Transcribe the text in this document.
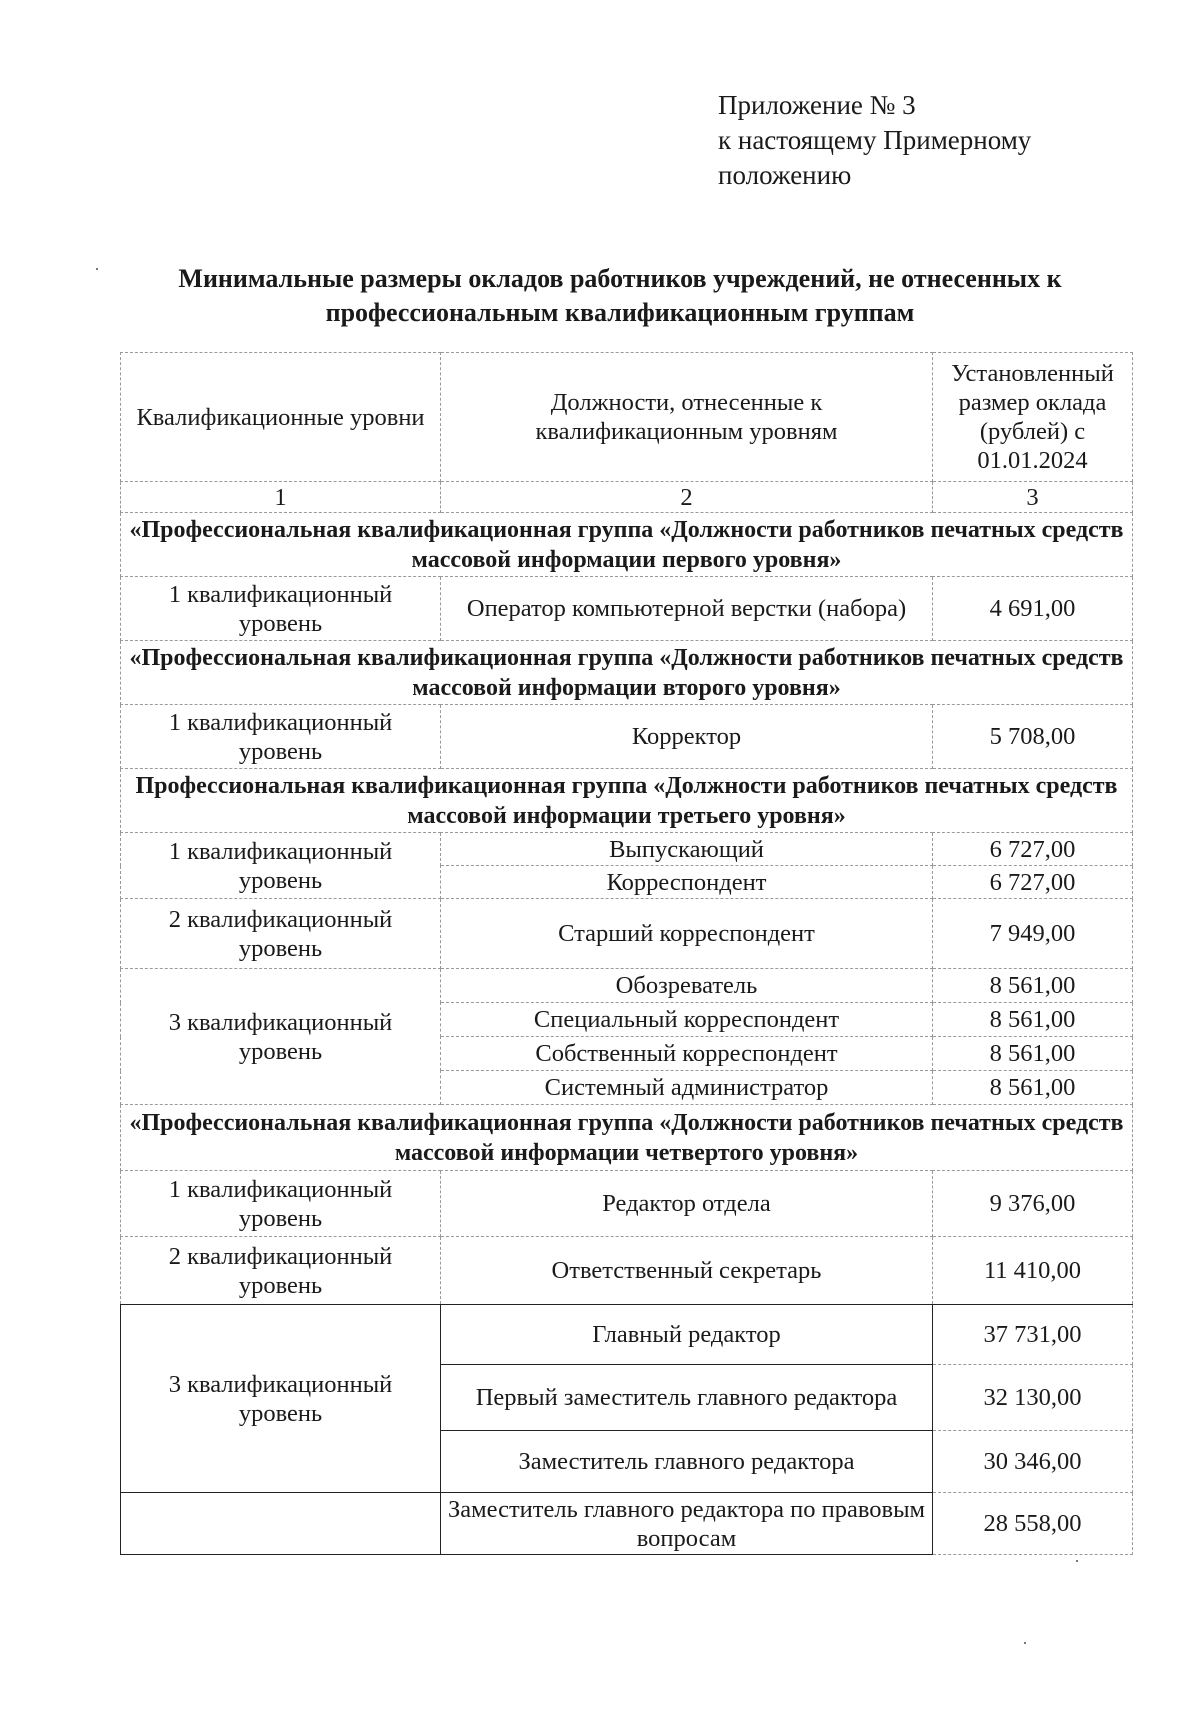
Приложение № 3
к настоящему Примерному
положению
Минимальные размеры окладов работников учреждений, не отнесенных к
профессиональным квалификационным группам
Квалификационные уровни	Должности, отнесенные к квалификационным уровням	Установленный размер оклада (рублей) с 01.01.2024
1	2	3
«Профессиональная квалификационная группа «Должности работников печатных средств массовой информации первого уровня»		
1 квалификационный уровень	Оператор компьютерной верстки (набора)	4 691,00
«Профессиональная квалификационная группа «Должности работников печатных средств массовой информации второго уровня»		
1 квалификационный уровень	Корректор	5 708,00
Профессиональная квалификационная группа «Должности работников печатных средств массовой информации третьего уровня»		
1 квалификационный уровень	Выпускающий	6 727,00
	Корреспондент	6 727,00
2 квалификационный уровень	Старший корреспондент	7 949,00
3 квалификационный уровень	Обозреватель	8 561,00
	Специальный корреспондент	8 561,00
	Собственный корреспондент	8 561,00
	Системный администратор	8 561,00
«Профессиональная квалификационная группа «Должности работников печатных средств массовой информации четвертого уровня»		
1 квалификационный уровень	Редактор отдела	9 376,00
2 квалификационный уровень	Ответственный секретарь	11 410,00
3 квалификационный уровень	Главный редактор	37 731,00
	Первый заместитель главного редактора	32 130,00
	Заместитель главного редактора	30 346,00
	Заместитель главного редактора по правовым вопросам	28 558,00
